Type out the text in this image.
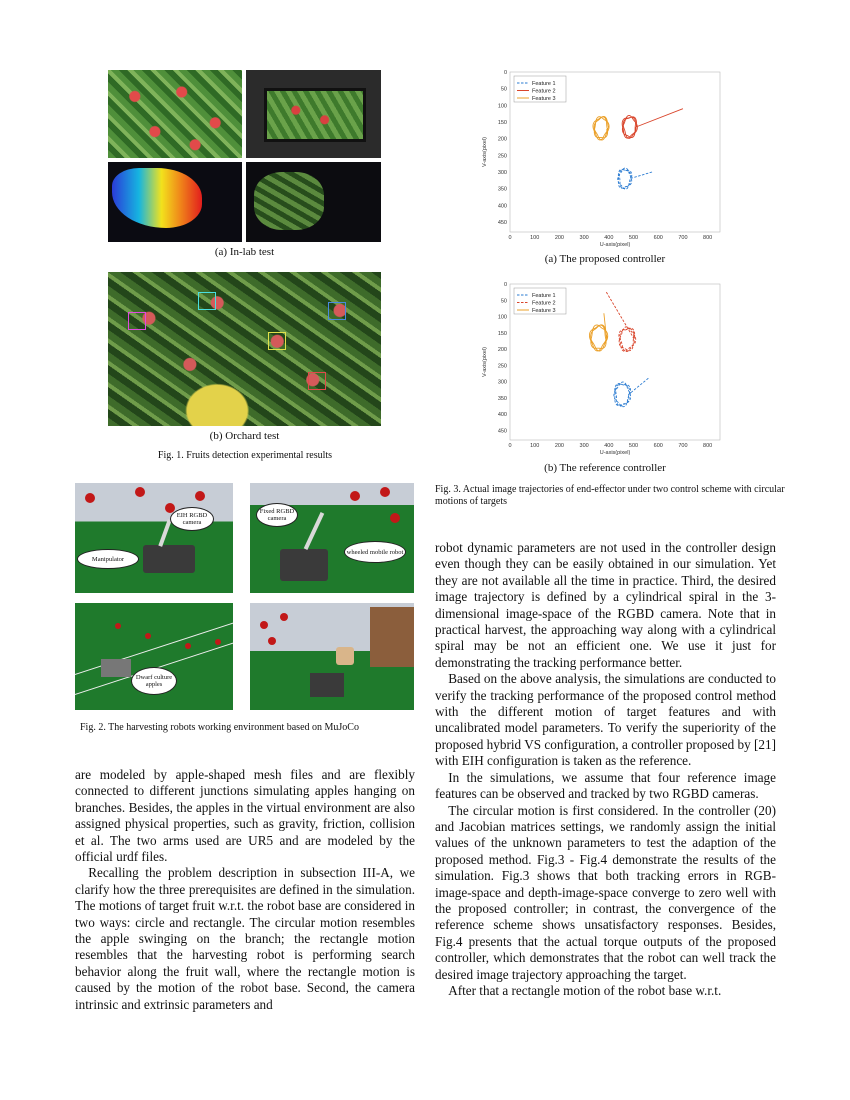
(a) In-lab test
(b) Orchard test
Fig. 1. Fruits detection experimental results
EIH RGBD camera
Manipulator
Fixed RGBD camera
wheeled mobile robot
Dwarf culture apples
Fig. 2. The harvesting robots working environment based on MuJoCo
0
50
100
150
200
250
300
350
400
450
0	100	200	300	400	500	600	700	800
U-axis(pixel)
V-axis(pixel)
Feature 1
Feature 2
Feature 3
(a) The proposed controller
0
50
100
150
200
250
300
350
400
450
0	100	200	300	400	500	600	700	800
U-axis(pixel)
V-axis(pixel)
Feature 1
Feature 2
Feature 3
(b) The reference controller
Fig. 3. Actual image trajectories of end-effector under two control scheme with circular motions of targets

are modeled by apple-shaped mesh files and are flexibly connected to different junctions simulating apples hanging on branches. Besides, the apples in the virtual environment are also assigned physical properties, such as gravity, friction, collision et al. The two arms used are UR5 and are modeled by the official urdf files.

Recalling the problem description in subsection III-A, we clarify how the three prerequisites are defined in the simulation. The motions of target fruit w.r.t. the robot base are considered in two ways: circle and rectangle. The circular motion resembles the apple swinging on the branch; the rectangle motion resembles that the harvesting robot is performing search behavior along the fruit wall, where the rectangle motion is caused by the motion of the robot base. Second, the camera intrinsic and extrinsic parameters and

robot dynamic parameters are not used in the controller design even though they can be easily obtained in our simulation. Yet they are not available all the time in practice. Third, the desired image trajectory is defined by a cylindrical spiral in the 3-dimensional image-space of the RGBD camera. Note that in practical harvest, the approaching way along with a cylindrical spiral may be not an efficient one. We use it just for demonstrating the tracking performance better.

Based on the above analysis, the simulations are conducted to verify the tracking performance of the proposed control method with the different motion of target features and with uncalibrated model parameters. To verify the superiority of the proposed hybrid VS configuration, a controller proposed by [21] with EIH configuration is taken as the reference.

In the simulations, we assume that four reference image features can be observed and tracked by two RGBD cameras.

The circular motion is first considered. In the controller (20) and Jacobian matrices settings, we randomly assign the initial values of the unknown parameters to test the adaption of the proposed method. Fig.3 - Fig.4 demonstrate the results of the simulation. Fig.3 shows that both tracking errors in RGB-image-space and depth-image-space converge to zero well with the proposed controller; in contrast, the convergence of the reference scheme shows unsatisfactory responses. Besides, Fig.4 presents that the actual torque outputs of the proposed controller, which demonstrates that the robot can well track the desired image trajectory approaching the target.

After that a rectangle motion of the robot base w.r.t.
